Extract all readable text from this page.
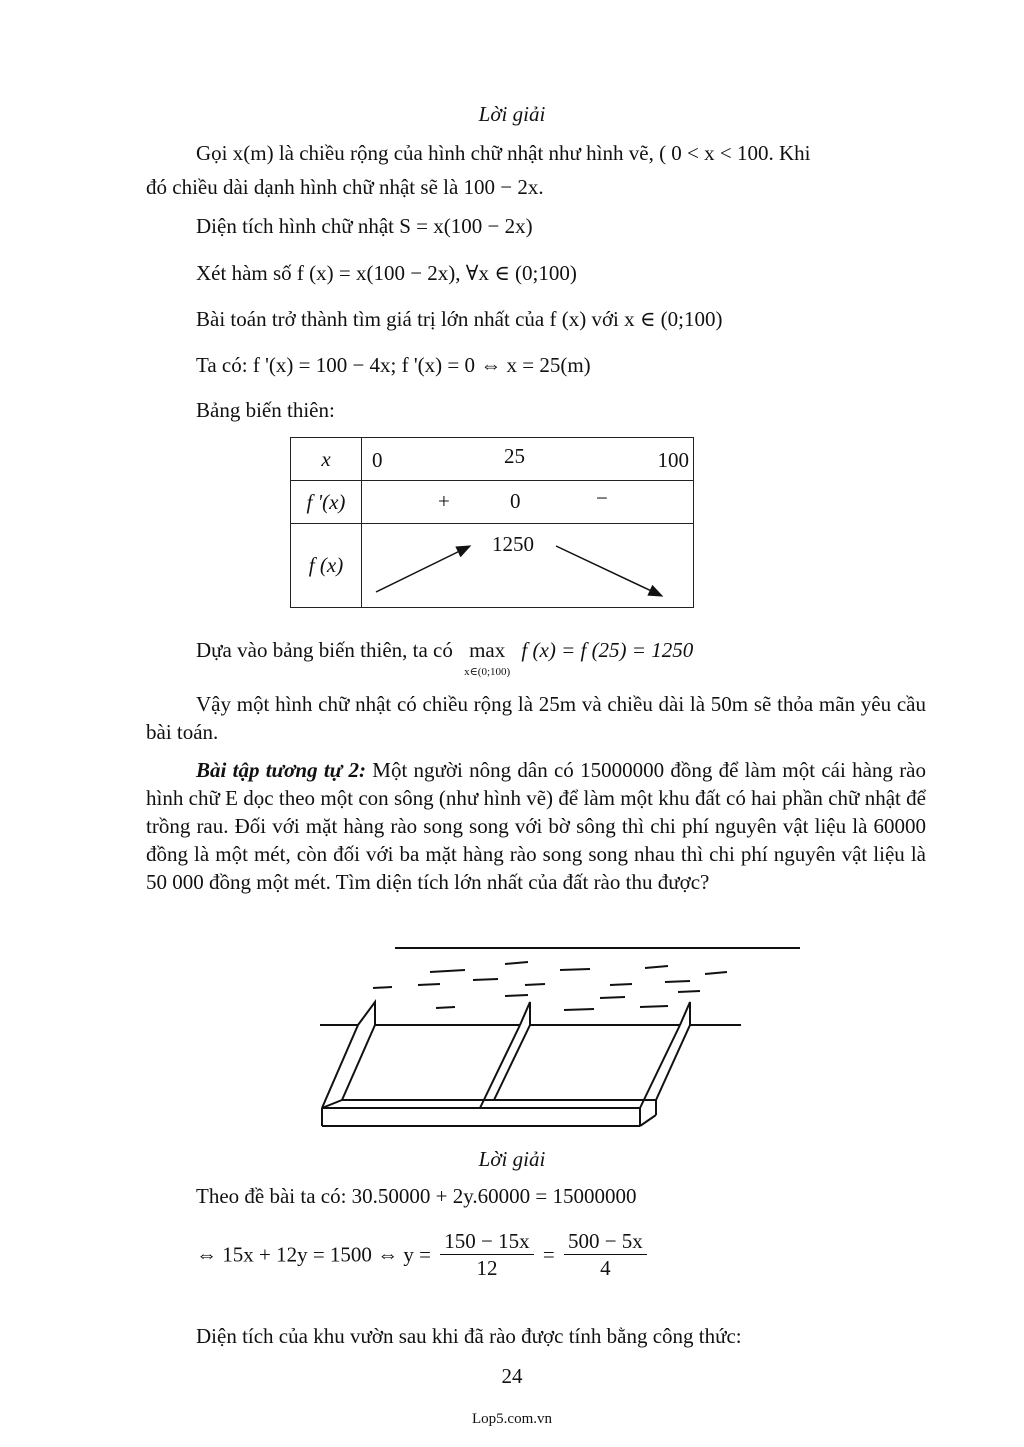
Lời giải
Gọi x(m) là chiều rộng của hình chữ nhật như hình vẽ, ( 0 < x < 100. Khi
đó chiều dài dạnh hình chữ nhật sẽ là 100 − 2x.
Diện tích hình chữ nhật S = x(100 − 2x)
Xét hàm số f (x) = x(100 − 2x), ∀x ∈ (0;100)
Bài toán trở thành tìm giá trị lớn nhất của f (x) với x ∈ (0;100)
Ta có: f '(x) = 100 − 4x; f '(x) = 0 ⇔ x = 25(m)
Bảng biến thiên:
x	0 25 100

f '(x)	+ 0 −

f (x)	1250
Dựa vào bảng biến thiên, ta có max
x∈(0;100) f (x) = f (25) = 1250
Vậy một hình chữ nhật có chiều rộng là 25m và chiều dài là 50m sẽ thỏa mãn yêu cầu bài toán.
Bài tập tương tự 2: Một người nông dân có 15000000 đồng để làm một cái hàng rào hình chữ E dọc theo một con sông (như hình vẽ) để làm một khu đất có hai phần chữ nhật để trồng rau. Đối với mặt hàng rào song song với bờ sông thì chi phí nguyên vật liệu là 60000 đồng là một mét, còn đối với ba mặt hàng rào song song nhau thì chi phí nguyên vật liệu là 50 000 đồng một mét. Tìm diện tích lớn nhất của đất rào thu được?
Lời giải
Theo đề bài ta có: 30.50000 + 2y.60000 = 15000000
⇔ 15x + 12y = 1500 ⇔ $y = \frac{150 - 15x}{12} = \frac{500 - 5x}{4}$
Diện tích của khu vườn sau khi đã rào được tính bằng công thức:
24
Lop5.com.vn
